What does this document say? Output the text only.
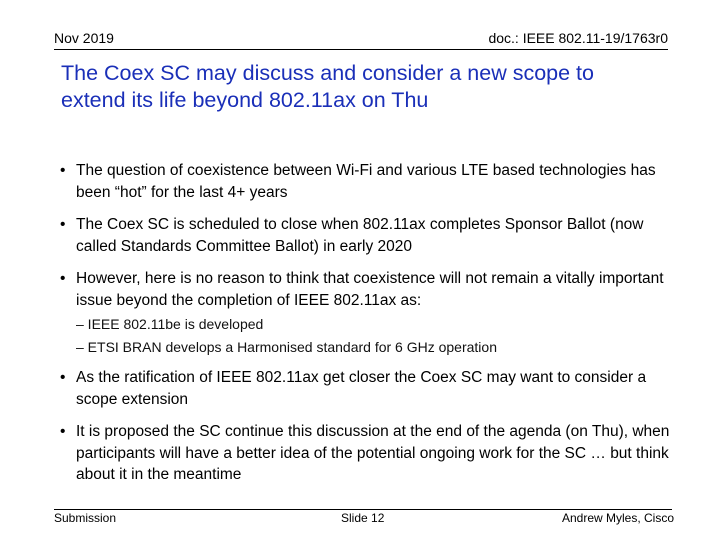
Nov 2019	doc.: IEEE 802.11-19/1763r0
The Coex SC may discuss and consider a new scope to extend its life beyond 802.11ax on Thu
• The question of coexistence between Wi-Fi and various LTE based technologies has been “hot” for the last 4+ years
• The Coex SC is scheduled to close when 802.11ax completes Sponsor Ballot (now called Standards Committee Ballot) in early 2020
• However, here is no reason to think that coexistence will not remain a vitally important issue beyond the completion of IEEE 802.11ax as:

– IEEE 802.11be is developed

– ETSI BRAN develops a Harmonised standard for 6 GHz operation

• As the ratification of IEEE 802.11ax get closer the Coex SC may want to consider a scope extension
• It is proposed the SC continue this discussion at the end of the agenda (on Thu), when participants will have a better idea of the potential ongoing work for the SC … but think about it in the meantime
Submission	Slide 12	Andrew Myles, Cisco
